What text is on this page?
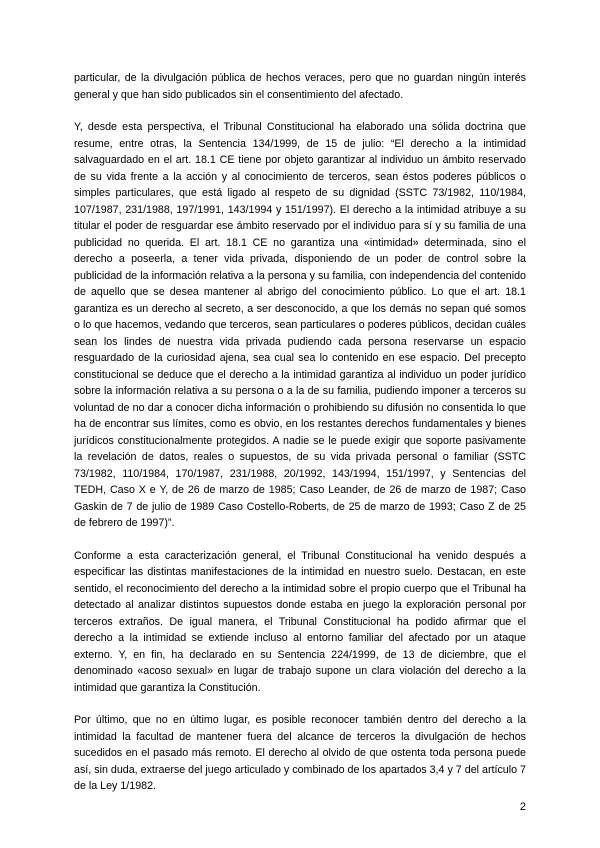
particular, de la divulgación pública de hechos veraces, pero que no guardan ningún interés general y que han sido publicados sin el consentimiento del afectado.

Y, desde esta perspectiva, el Tribunal Constitucional ha elaborado una sólida doctrina que resume, entre otras, la Sentencia 134/1999, de 15 de julio: “El derecho a la intimidad salvaguardado en el art. 18.1 CE tiene por objeto garantizar al individuo un ámbito reservado de su vida frente a la acción y al conocimiento de terceros, sean éstos poderes públicos o simples particulares, que está ligado al respeto de su dignidad (SSTC 73/1982, 110/1984, 107/1987, 231/1988, 197/1991, 143/1994 y 151/1997). El derecho a la intimidad atribuye a su titular el poder de resguardar ese ámbito reservado por el individuo para sí y su familia de una publicidad no querida. El art. 18.1 CE no garantiza una «intimidad» determinada, sino el derecho a poseerla, a tener vida privada, disponiendo de un poder de control sobre la publicidad de la información relativa a la persona y su familia, con independencia del contenido de aquello que se desea mantener al abrigo del conocimiento público. Lo que el art. 18.1 garantiza es un derecho al secreto, a ser desconocido, a que los demás no sepan qué somos o lo que hacemos, vedando que terceros, sean particulares o poderes públicos, decidan cuáles sean los lindes de nuestra vida privada pudiendo cada persona reservarse un espacio resguardado de la curiosidad ajena, sea cual sea lo contenido en ese espacio. Del precepto constitucional se deduce que el derecho a la intimidad garantiza al individuo un poder jurídico sobre la información relativa a su persona o a la de su familia, pudiendo imponer a terceros su voluntad de no dar a conocer dicha información o prohibiendo su difusión no consentida lo que ha de encontrar sus límites, como es obvio, en los restantes derechos fundamentales y bienes jurídicos constitucionalmente protegidos. A nadie se le puede exigir que soporte pasivamente la revelación de datos, reales o supuestos, de su vida privada personal o familiar (SSTC 73/1982, 110/1984, 170/1987, 231/1988, 20/1992, 143/1994, 151/1997, y Sentencias del TEDH, Caso X e Y, de 26 de marzo de 1985; Caso Leander, de 26 de marzo de 1987; Caso Gaskin de 7 de julio de 1989 Caso Costello-Roberts, de 25 de marzo de 1993; Caso Z de 25 de febrero de 1997)”.

Conforme a esta caracterización general, el Tribunal Constitucional ha venido después a especificar las distintas manifestaciones de la intimidad en nuestro suelo. Destacan, en este sentido, el reconocimiento del derecho a la intimidad sobre el propio cuerpo que el Tribunal ha detectado al analizar distintos supuestos donde estaba en juego la exploración personal por terceros extraños. De igual manera, el Tribunal Constitucional ha podido afirmar que el derecho a la intimidad se extiende incluso al entorno familiar del afectado por un ataque externo. Y, en fin, ha declarado en su Sentencia 224/1999, de 13 de diciembre, que el denominado «acoso sexual» en lugar de trabajo supone un clara violación del derecho a la intimidad que garantiza la Constitución.

Por último, que no en último lugar, es posible reconocer también dentro del derecho a la intimidad la facultad de mantener fuera del alcance de terceros la divulgación de hechos sucedidos en el pasado más remoto. El derecho al olvido de que ostenta toda persona puede así, sin duda, extraerse del juego articulado y combinado de los apartados 3,4 y 7 del artículo 7 de la Ley 1/1982.

2
